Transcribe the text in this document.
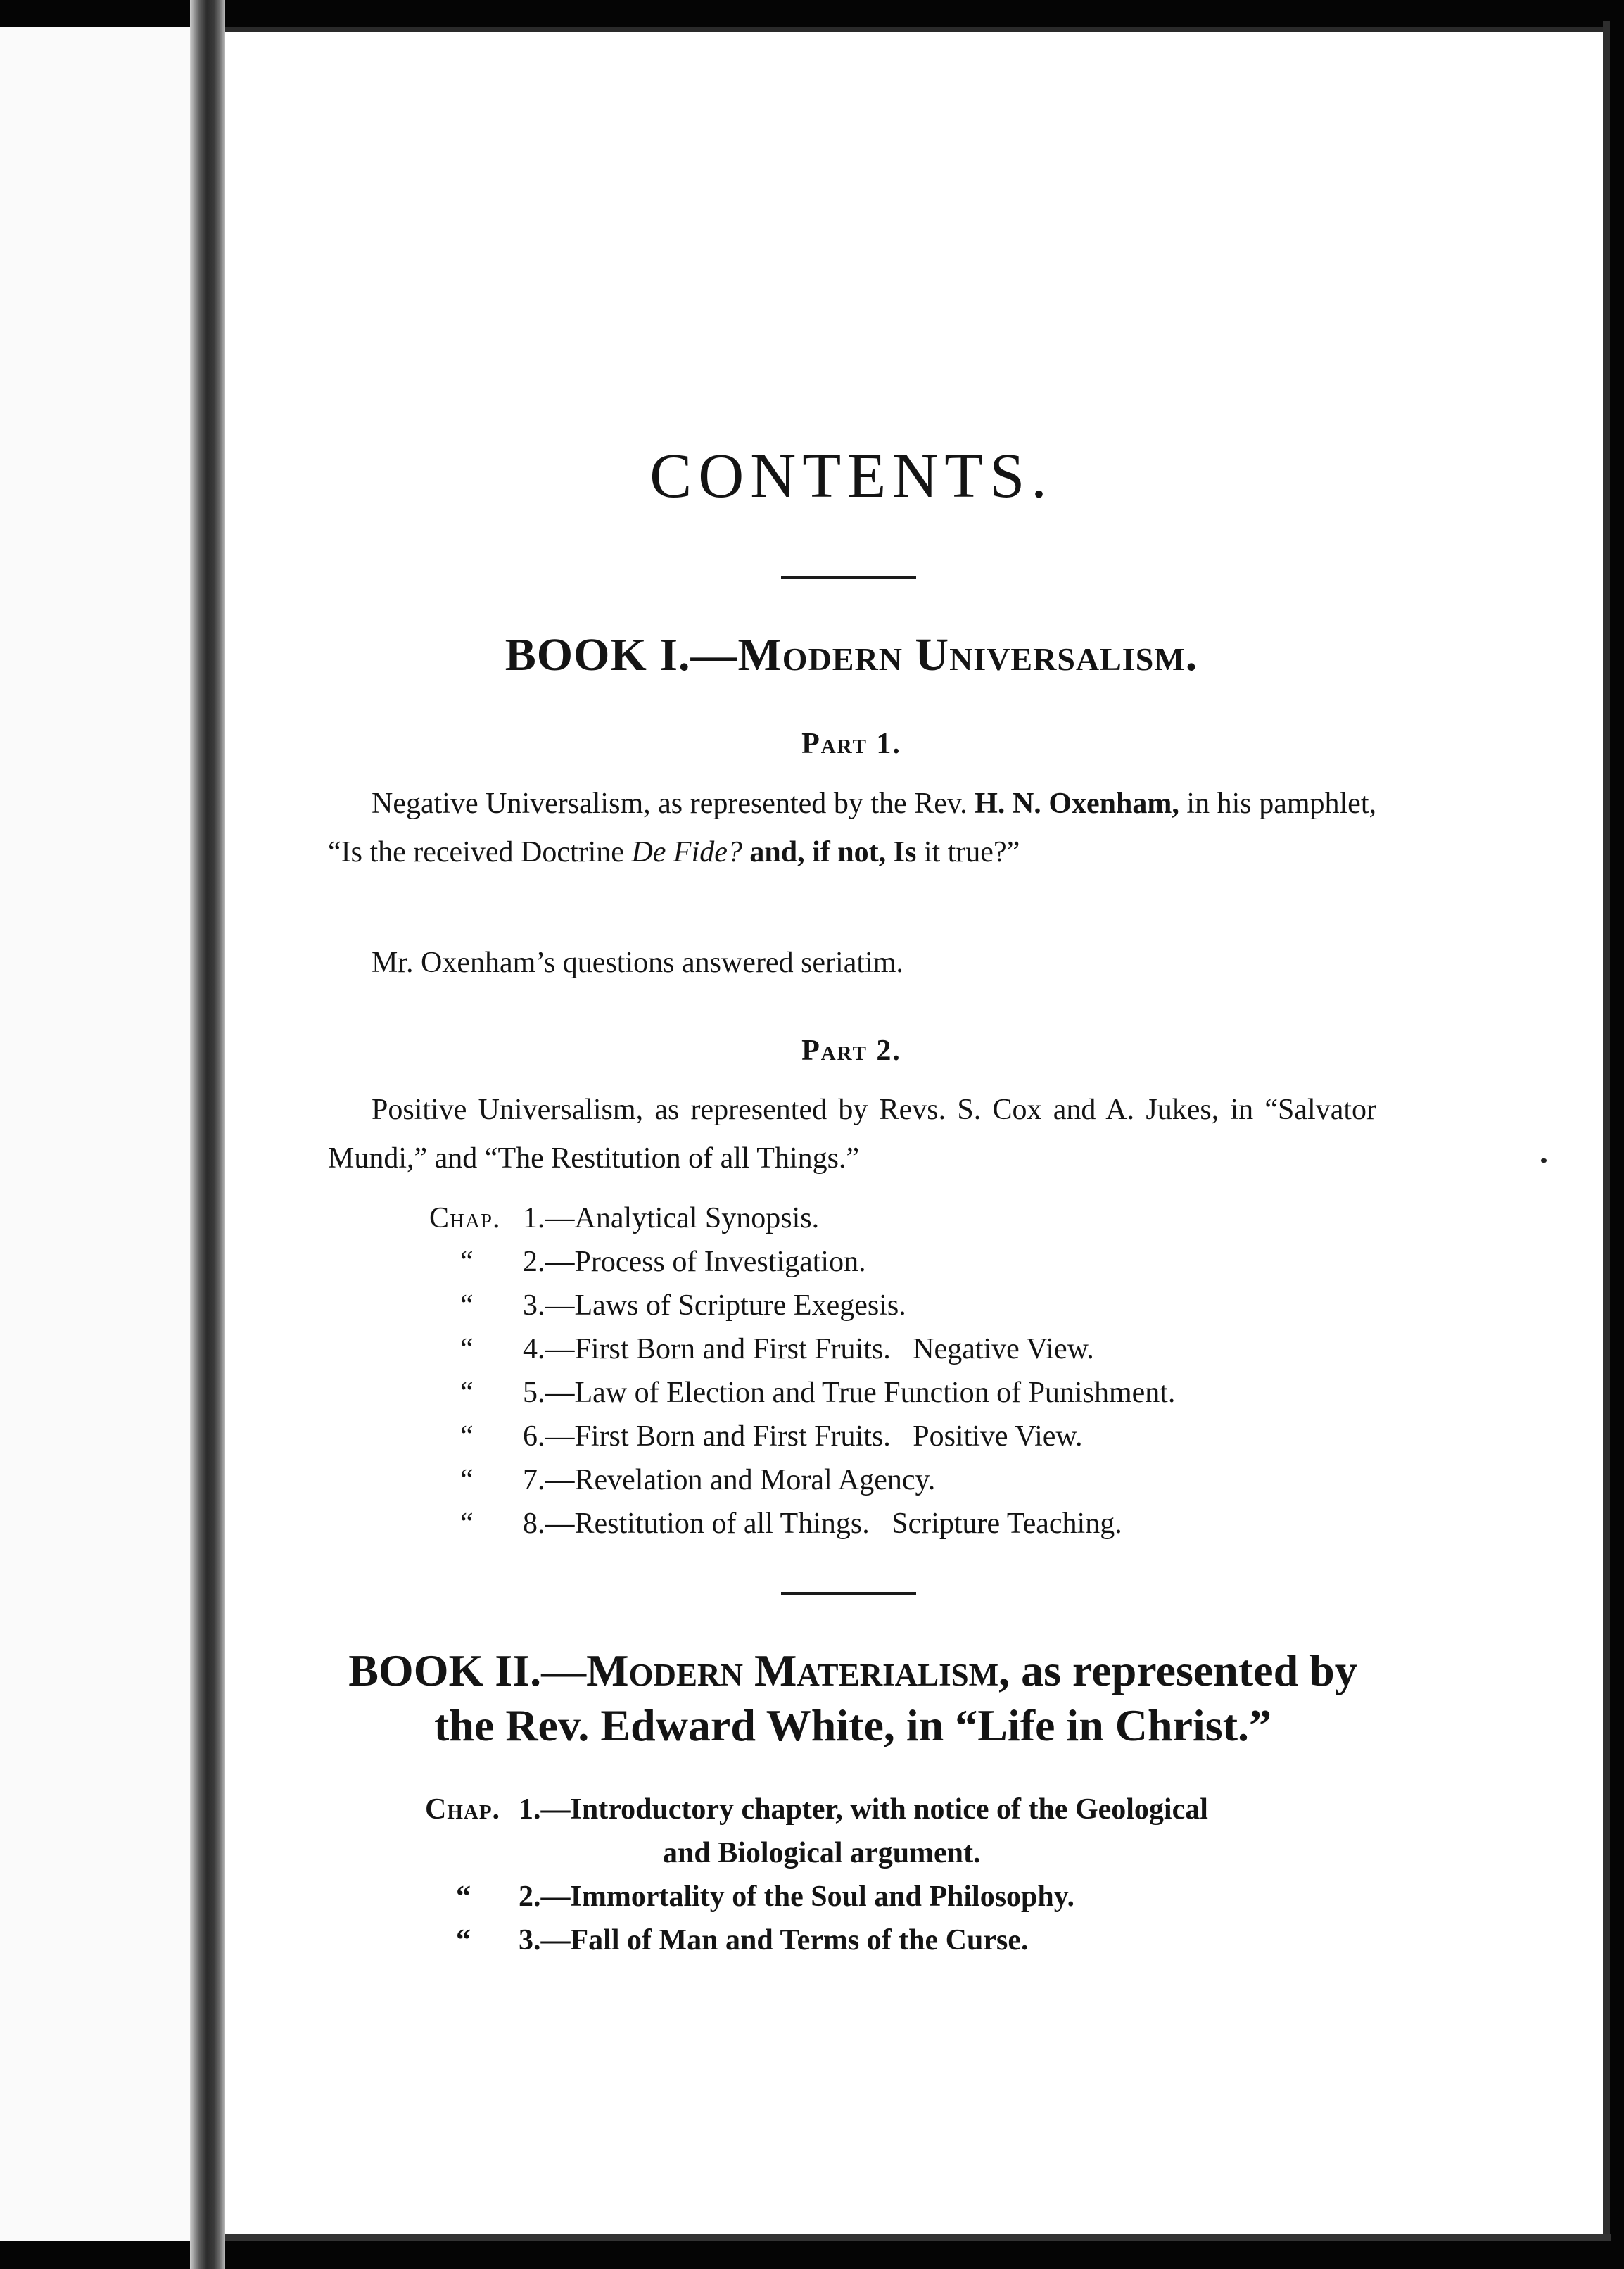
CONTENTS.
BOOK I.—Modern Universalism.
Part 1.

Negative Universalism, as represented by the Rev. H. N. Oxenham, in his pamphlet, “Is the received Doctrine De Fide? and, if not, Is it true?”

Mr. Oxenham’s questions answered seriatim.

Part 2.

Positive Universalism, as represented by Revs. S. Cox and A. Jukes, in “Salvator Mundi,” and “The Restitution of all Things.”

Chap. 1.—Analytical Synopsis.
“ 2.—Process of Investigation.
“ 3.—Laws of Scripture Exegesis.
“ 4.—First Born and First Fruits.   Negative View.
“ 5.—Law of Election and True Function of Punishment.
“ 6.—First Born and First Fruits.   Positive View.
“ 7.—Revelation and Moral Agency.
“ 8.—Restitution of all Things.   Scripture Teaching.
BOOK II.—Modern Materialism, as represented by the Rev. Edward White, in “Life in Christ.”
Chap. 1.—Introductory chapter, with notice of the Geological
and Biological argument.
“ 2.—Immortality of the Soul and Philosophy.
“ 3.—Fall of Man and Terms of the Curse.
